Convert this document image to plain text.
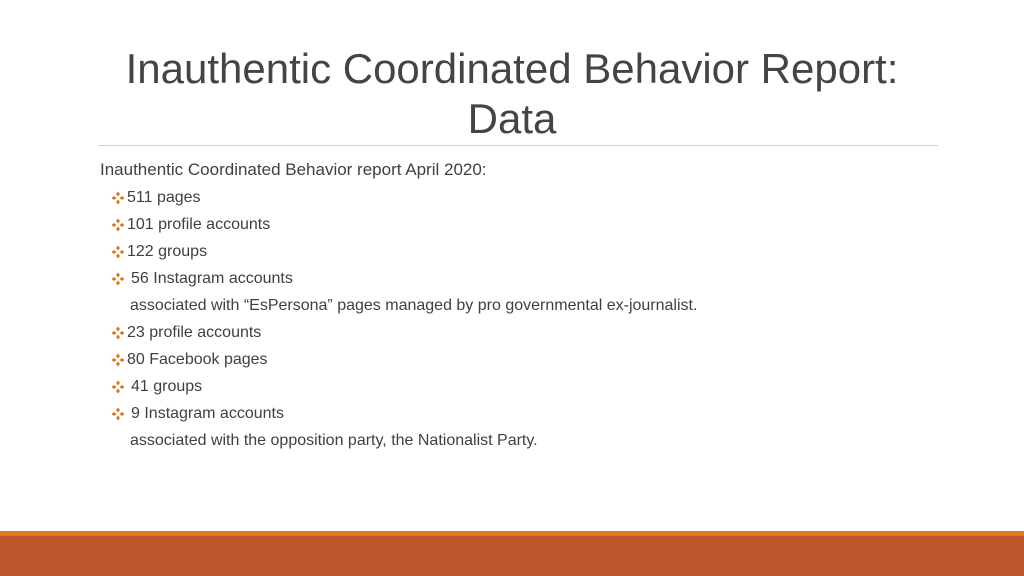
Inauthentic Coordinated Behavior Report:
Data

Inauthentic Coordinated Behavior report April 2020:

511 pages
101 profile accounts
122 groups
56 Instagram accounts
associated with “EsPersona” pages managed by pro governmental ex-journalist.
23 profile accounts
80 Facebook pages
41 groups
9 Instagram accounts
associated with the opposition party, the Nationalist Party.
